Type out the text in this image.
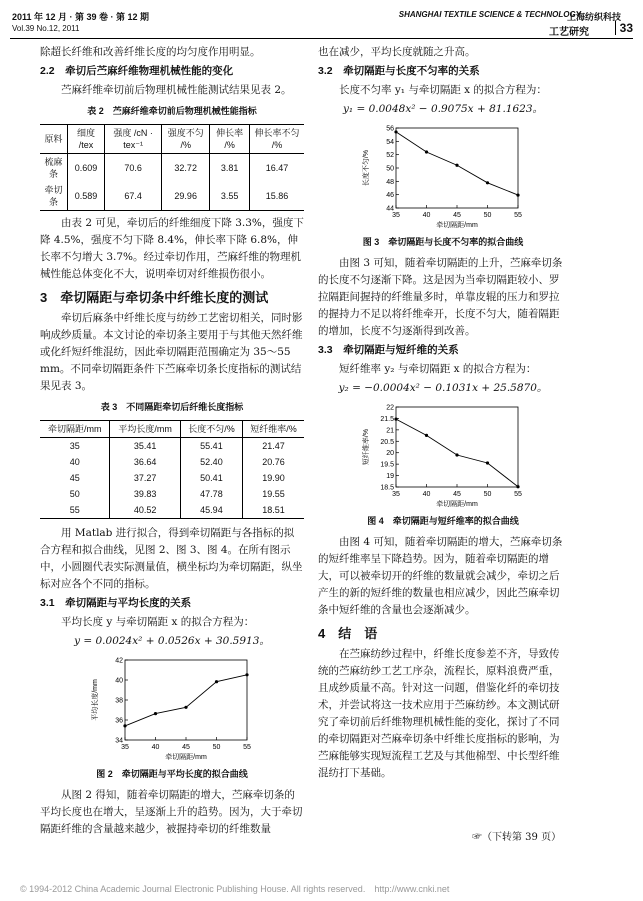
2011 年 12 月 · 第 39 卷 · 第 12 期
Vol.39 No.12, 2011
SHANGHAI TEXTILE SCIENCE & TECHNOLOGY
上海纺织科技
工艺研究	33

除超长纤维和改善纤维长度的均匀度作用明显。

2.2　牵切后苎麻纤维物理机械性能的变化

苎麻纤维牵切前后物理机械性能测试结果见表 2。

表 2　苎麻纤维牵切前后物理机械性能指标
原料	细度 /tex	强度 /cN · tex⁻¹	强度不匀 /%	伸长率 /%	伸长率不匀 /%
梳麻条	0.609	70.6	32.72	3.81	16.47
牵切条	0.589	67.4	29.96	3.55	15.86

由表 2 可见，牵切后的纤维细度下降 3.3%，强度下降 4.5%，强度不匀下降 8.4%，伸长率下降 6.8%，伸长率不匀增大 3.7%。经过牵切作用，苎麻纤维的物理机械性能总体变化不大，说明牵切对纤维损伤很小。

3　牵切隔距与牵切条中纤维长度的测试

牵切后麻条中纤维长度与纺纱工艺密切相关，同时影响成纱质量。本文讨论的牵切条主要用于与其他天然纤维或化纤短纤维混纺，因此牵切隔距范围确定为 35～55 mm。不同牵切隔距条件下苎麻牵切条长度指标的测试结果见表 3。

表 3　不同隔距牵切后纤维长度指标
牵切隔距/mm	平均长度/mm	长度不匀/%	短纤维率/%
35	35.41	55.41	21.47
40	36.64	52.40	20.76
45	37.27	50.41	19.90
50	39.83	47.78	19.55
55	40.52	45.94	18.51

用 Matlab 进行拟合，得到牵切隔距与各指标的拟合方程和拟合曲线，见图 2、图 3、图 4。在所有图示中，小圆圈代表实际测量值，横坐标均为牵切隔距，纵坐标对应各个不同的指标。

3.1　牵切隔距与平均长度的关系

平均长度 y 与牵切隔距 x 的拟合方程为：

y = 0.0024x² + 0.0526x + 30.5913。
35	40	45	50	55
34
36
38
40
42
牵切隔距/mm
平均长度/mm
图 2　牵切隔距与平均长度的拟合曲线

从图 2 得知，随着牵切隔距的增大，苎麻牵切条的平均长度也在增大，呈逐渐上升的趋势。因为，大于牵切隔距纤维的含量越来越少，被握持牵切的纤维数量

也在减少，平均长度就随之升高。

3.2　牵切隔距与长度不匀率的关系

长度不匀率 y₁ 与牵切隔距 x 的拟合方程为：

y₁ = 0.0048x² − 0.9075x + 81.1623。
35	40	45	50	55
44
46
48
50
52
54
56
牵切隔距/mm
长度不匀/%
图 3　牵切隔距与长度不匀率的拟合曲线

由图 3 可知，随着牵切隔距的上升，苎麻牵切条的长度不匀逐渐下降。这是因为当牵切隔距较小、罗拉隔距间握持的纤维量多时，单靠皮辊的压力和罗拉的握持力不足以将纤维牵开，长度不匀大，随着隔距的增加，长度不匀逐渐得到改善。

3.3　牵切隔距与短纤维的关系

短纤维率 y₂ 与牵切隔距 x 的拟合方程为：

y₂ = −0.0004x² − 0.1031x + 25.5870。
35	40	45	50	55
18.5
19
19.5
20
20.5
21
21.5
22
牵切隔距/mm
短纤维率/%
图 4　牵切隔距与短纤维率的拟合曲线

由图 4 可知，随着牵切隔距的增大，苎麻牵切条的短纤维率呈下降趋势。因为，随着牵切隔距的增大，可以被牵切开的纤维的数量就会减少，牵切之后产生的新的短纤维的数量也相应减少，因此苎麻牵切条中短纤维的含量也会逐渐减少。

4　结　语

在苎麻纺纱过程中，纤维长度参差不齐，导致传统的苎麻纺纱工艺工序杂，流程长，原料浪费严重，且成纱质量不高。针对这一问题，借鉴化纤的牵切技术，并尝试将这一技术应用于苎麻纺纱。本文测试研究了牵切前后纤维物理机械性能的变化，探讨了不同的牵切隔距对苎麻牵切条中纤维长度指标的影响，为苎麻能够实现短流程工艺及与其他棉型、中长型纤维混纺打下基础。

☞（下转第 39 页）
© 1994-2012 China Academic Journal Electronic Publishing House. All rights reserved.　http://www.cnki.net
